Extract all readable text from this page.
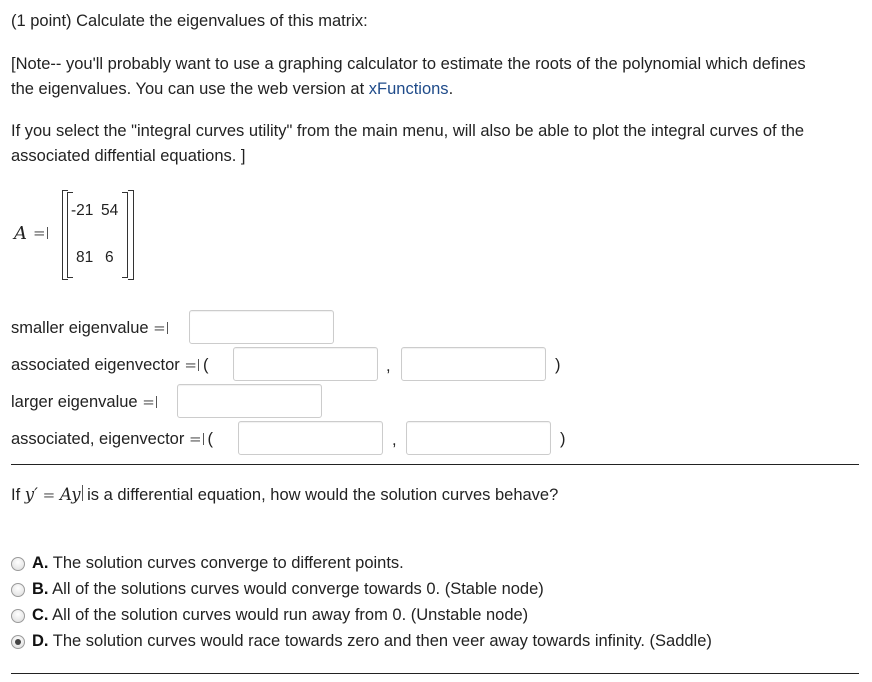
(1 point) Calculate the eigenvalues of this matrix:
[Note-- you'll probably want to use a graphing calculator to estimate the roots of the polynomial which defines
the eigenvalues. You can use the web version at xFunctions.
If you select the "integral curves utility" from the main menu, will also be able to plot the integral curves of the
associated diffential equations. ]
A =
-21 54
81 6
smaller eigenvalue =
associated eigenvector = (	,	)
larger eigenvalue =
associated, eigenvector = (	,	)
If y′ = Ay is a differential equation, how would the solution curves behave?
A. The solution curves converge to different points.
B. All of the solutions curves would converge towards 0. (Stable node)
C. All of the solution curves would run away from 0. (Unstable node)
D. The solution curves would race towards zero and then veer away towards infinity. (Saddle)
